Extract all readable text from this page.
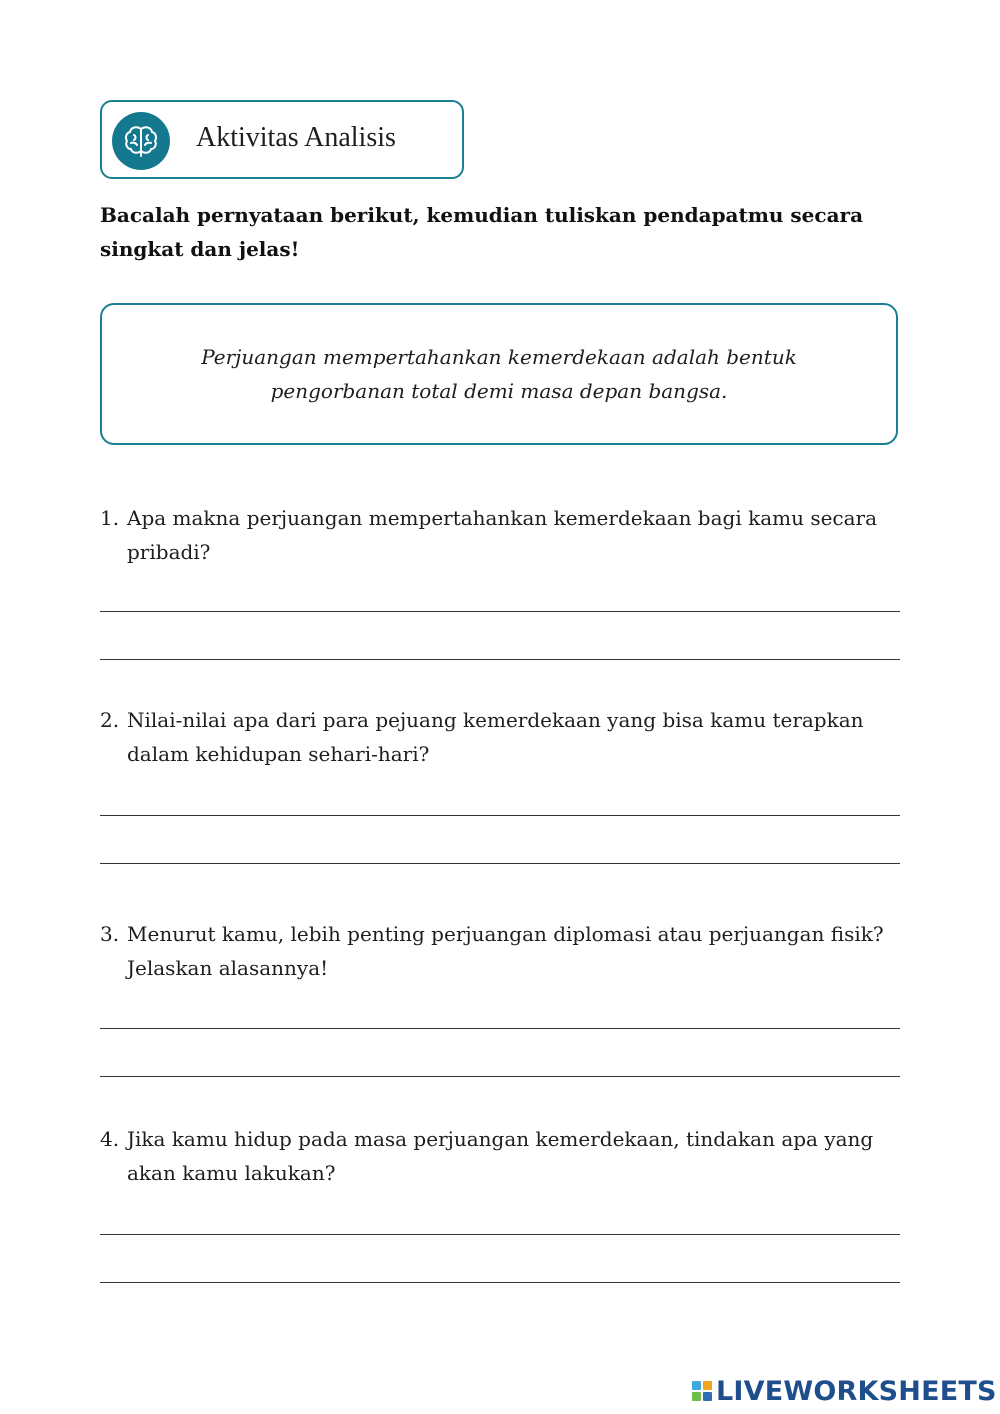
Aktivitas Analisis
Bacalah pernyataan berikut, kemudian tuliskan pendapatmu secara singkat dan jelas!
Perjuangan mempertahankan kemerdekaan adalah bentuk pengorbanan total demi masa depan bangsa.
1. Apa makna perjuangan mempertahankan kemerdekaan bagi kamu secara pribadi?
2. Nilai-nilai apa dari para pejuang kemerdekaan yang bisa kamu terapkan dalam kehidupan sehari-hari?
3. Menurut kamu, lebih penting perjuangan diplomasi atau perjuangan fisik? Jelaskan alasannya!
4. Jika kamu hidup pada masa perjuangan kemerdekaan, tindakan apa yang akan kamu lakukan?
LIVEWORKSHEETS
